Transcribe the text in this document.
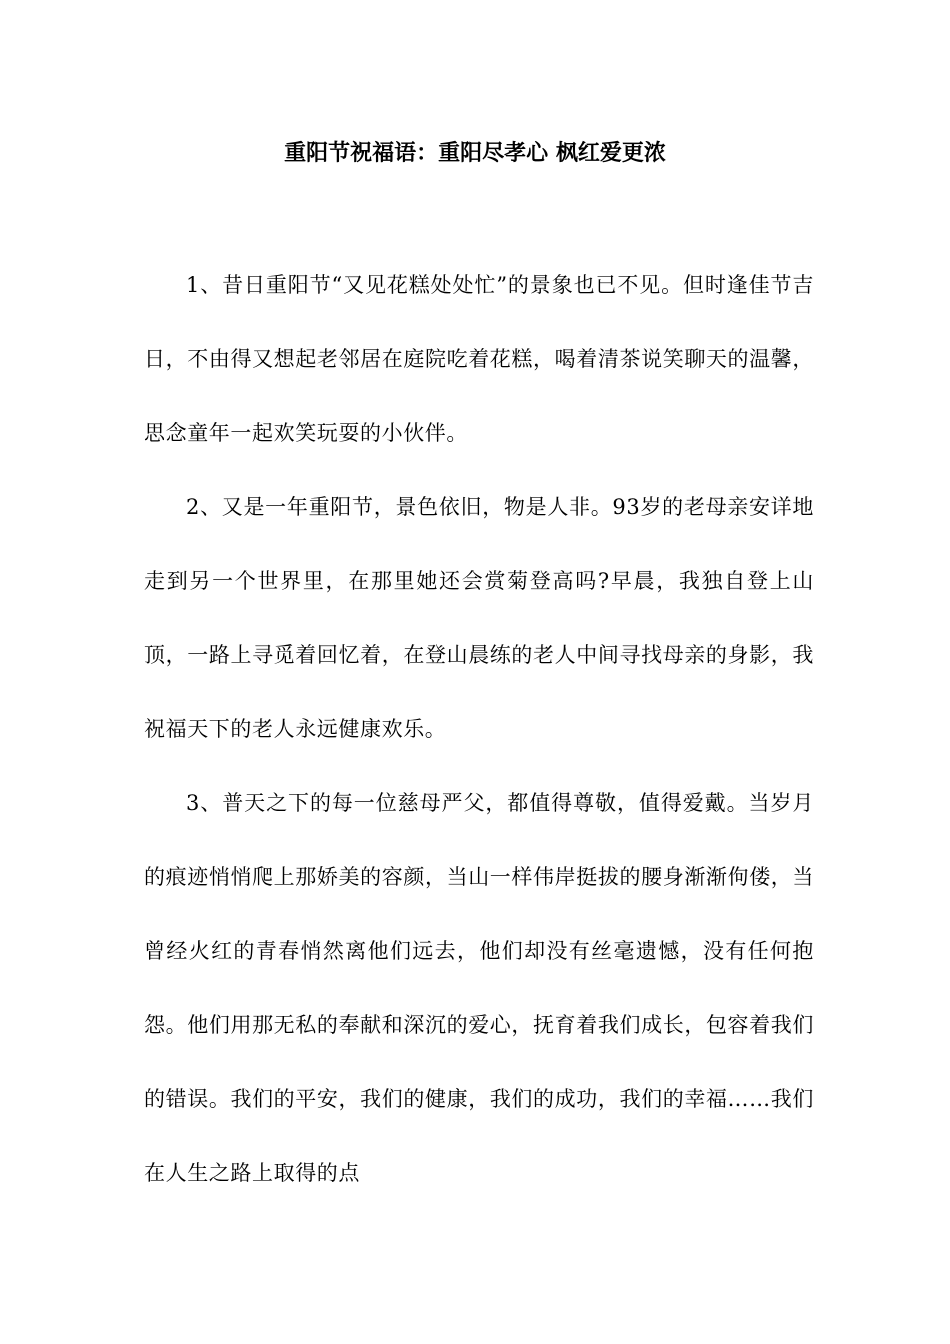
重阳节祝福语：重阳尽孝心 枫红爱更浓

1、昔日重阳节“又见花糕处处忙”的景象也已不见。但时逢佳节吉日，不由得又想起老邻居在庭院吃着花糕，喝着清茶说笑聊天的温馨，思念童年一起欢笑玩耍的小伙伴。

2、又是一年重阳节，景色依旧，物是人非。93岁的老母亲安详地走到另一个世界里，在那里她还会赏菊登高吗?早晨，我独自登上山顶，一路上寻觅着回忆着，在登山晨练的老人中间寻找母亲的身影，我祝福天下的老人永远健康欢乐。

3、普天之下的每一位慈母严父，都值得尊敬，值得爱戴。当岁月的痕迹悄悄爬上那娇美的容颜，当山一样伟岸挺拔的腰身渐渐佝偻，当曾经火红的青春悄然离他们远去，他们却没有丝毫遗憾，没有任何抱怨。他们用那无私的奉献和深沉的爱心，抚育着我们成长，包容着我们的错误。我们的平安，我们的健康，我们的成功，我们的幸福……我们在人生之路上取得的点
